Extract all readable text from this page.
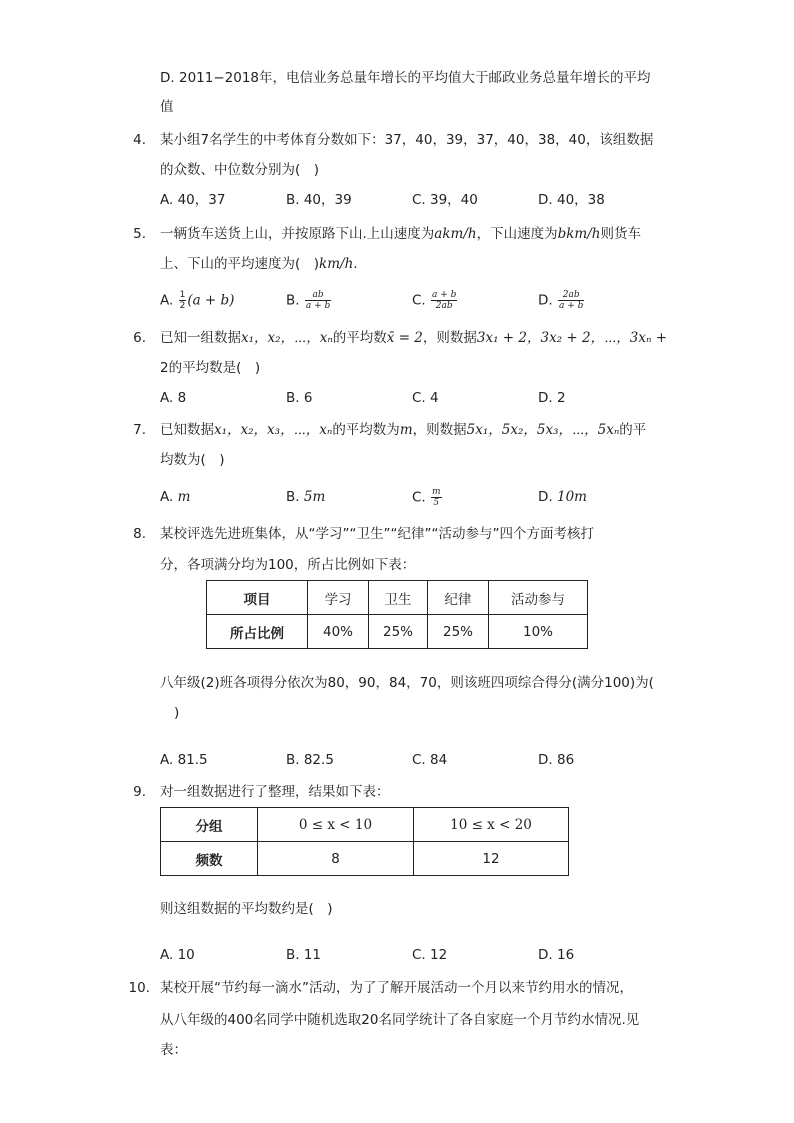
D. 2011−2018年，电信业务总量年增长的平均值大于邮政业务总量年增长的平均
值
4. 某小组7名学生的中考体育分数如下：37，40，39，37，40，38，40，该组数据
的众数、中位数分别为(　)
A. 40，37	B. 40，39	C. 39，40	D. 40，38
5. 一辆货车送货上山，并按原路下山.上山速度为akm/h，下山速度为bkm/h则货车
上、下山的平均速度为(　)km/h.
A. $\frac{1}{2} (a + b)$	B. $\frac{ab}{a + b}$	C. $\frac{a + b}{2ab}$	D. $\frac{2ab}{a + b}$
6. 已知一组数据x₁，x₂，⋯，xₙ的平均数x̄ = 2，则数据3x₁ + 2，3x₂ + 2，⋯，3xₙ +
2的平均数是(　)
A. 8	B. 6	C. 4	D. 2
7. 已知数据x₁，x₂，x₃，⋯，xₙ的平均数为m，则数据5x₁，5x₂，5x₃，⋯，5xₙ的平
均数为(　)
A. m	B. 5m	C. $\frac{m}{5}$	D. 10m
8. 某校评选先进班集体，从“学习”“卫生”“纪律”“活动参与”四个方面考核打
分，各项满分均为100，所占比例如下表：
项目	学习	卫生	纪律	活动参与
所占比例	40%	25%	25%	10%
八年级(2)班各项得分依次为80，90，84，70，则该班四项综合得分(满分100)为(
)
A. 81.5	B. 82.5	C. 84	D. 86
9. 对一组数据进行了整理，结果如下表：
分组	0 ≤ x < 10	10 ≤ x < 20
频数	8	12
则这组数据的平均数约是(　)
A. 10	B. 11	C. 12	D. 16
10. 某校开展“节约每一滴水”活动，为了了解开展活动一个月以来节约用水的情况，
从八年级的400名同学中随机选取20名同学统计了各自家庭一个月节约水情况.见
表：
